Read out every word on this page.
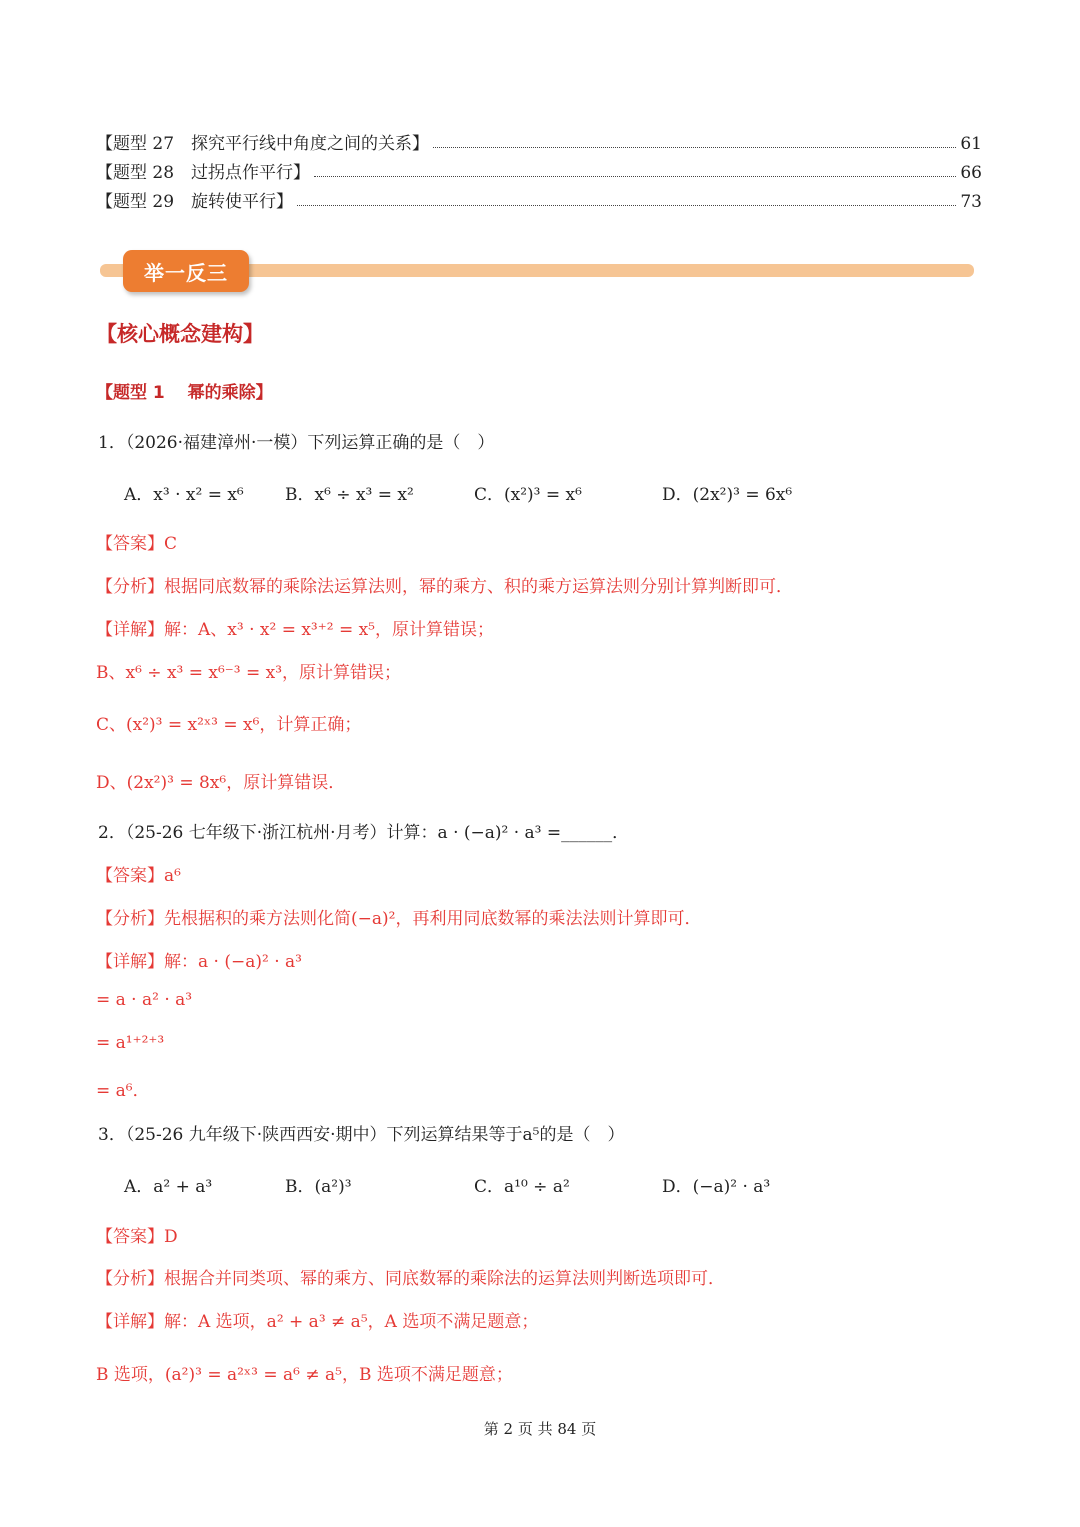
【题型 27　探究平行线中角度之间的关系】	61
【题型 28　过拐点作平行】	66
【题型 29　旋转使平行】	73
举一反三
【核心概念建构】
【题型 1　 幂的乘除】
1．（2026·福建漳州·一模）下列运算正确的是（　）
A．x³ · x² = x⁶ B．x⁶ ÷ x³ = x²	C．(x²)³ = x⁶	D．(2x²)³ = 6x⁶
【答案】C
【分析】根据同底数幂的乘除法运算法则，幂的乘方、积的乘方运算法则分别计算判断即可．
【详解】解：A、x³ · x² = x³⁺² = x⁵，原计算错误；
B、x⁶ ÷ x³ = x⁶⁻³ = x³，原计算错误；
C、(x²)³ = x²ˣ³ = x⁶，计算正确；
D、(2x²)³ = 8x⁶，原计算错误．
2．（25-26 七年级下·浙江杭州·月考）计算：a · (−a)² · a³ =______．
【答案】a⁶
【分析】先根据积的乘方法则化简(−a)²，再利用同底数幂的乘法法则计算即可．
【详解】解：a · (−a)² · a³
= a · a² · a³
= a¹⁺²⁺³
= a⁶．
3．（25-26 九年级下·陕西西安·期中）下列运算结果等于a⁵的是（　）
A．a² + a³	B．(a²)³	C．a¹⁰ ÷ a²	D．(−a)² · a³
【答案】D
【分析】根据合并同类项、幂的乘方、同底数幂的乘除法的运算法则判断选项即可．
【详解】解：A 选项，a² + a³ ≠ a⁵，A 选项不满足题意；
B 选项，(a²)³ = a²ˣ³ = a⁶ ≠ a⁵，B 选项不满足题意；
第 2 页 共 84 页
